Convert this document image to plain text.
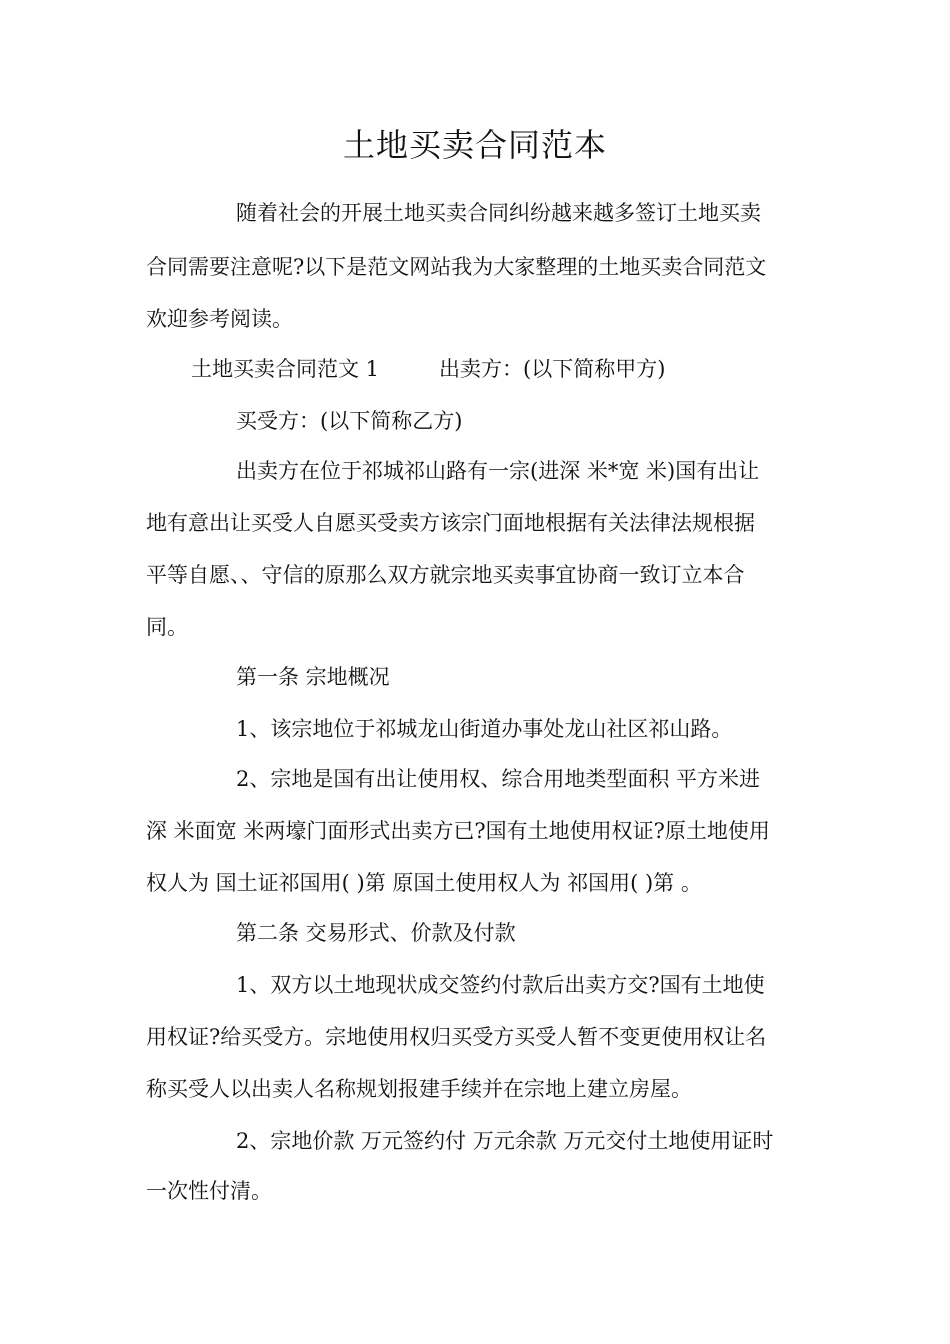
土地买卖合同范本
随着社会的开展土地买卖合同纠纷越来越多签订土地买卖
合同需要注意呢?以下是范文网站我为大家整理的土地买卖合同范文
欢迎参考阅读。
土地买卖合同范文 1	出卖方：(以下简称甲方)
买受方：(以下简称乙方)
出卖方在位于祁城祁山路有一宗(进深 米*宽 米)国有出让
地有意出让买受人自愿买受卖方该宗门面地根据有关法律法规根据
平等自愿、、守信的原那么双方就宗地买卖事宜协商一致订立本合
同。
第一条 宗地概况
1、该宗地位于祁城龙山街道办事处龙山社区祁山路。
2、宗地是国有出让使用权、综合用地类型面积 平方米进
深 米面宽 米两壕门面形式出卖方已?国有土地使用权证?原土地使用
权人为 国土证祁国用( )第 原国土使用权人为 祁国用( )第 。
第二条 交易形式、价款及付款
1、双方以土地现状成交签约付款后出卖方交?国有土地使
用权证?给买受方。宗地使用权归买受方买受人暂不变更使用权让名
称买受人以出卖人名称规划报建手续并在宗地上建立房屋。
2、宗地价款 万元签约付 万元余款 万元交付土地使用证时
一次性付清。
